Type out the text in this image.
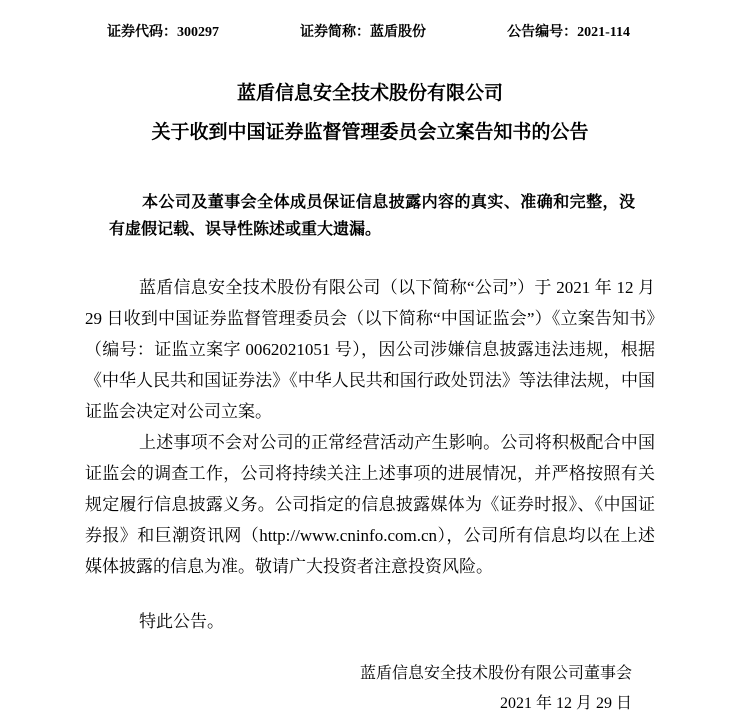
证券代码：300297	证券简称：蓝盾股份	公告编号：2021-114
蓝盾信息安全技术股份有限公司
关于收到中国证券监督管理委员会立案告知书的公告

本公司及董事会全体成员保证信息披露内容的真实、准确和完整，没有虚假记载、误导性陈述或重大遗漏。

蓝盾信息安全技术股份有限公司（以下简称“公司”）于 2021 年 12 月 29 日收到中国证券监督管理委员会（以下简称“中国证监会”）《立案告知书》（编号：证监立案字 0062021051 号），因公司涉嫌信息披露违法违规，根据《中华人民共和国证券法》《中华人民共和国行政处罚法》等法律法规，中国证监会决定对公司立案。

上述事项不会对公司的正常经营活动产生影响。公司将积极配合中国证监会的调查工作，公司将持续关注上述事项的进展情况，并严格按照有关规定履行信息披露义务。公司指定的信息披露媒体为《证券时报》、《中国证券报》和巨潮资讯网（http://www.cninfo.com.cn），公司所有信息均以在上述媒体披露的信息为准。敬请广大投资者注意投资风险。

特此公告。

蓝盾信息安全技术股份有限公司董事会
2021 年 12 月 29 日
